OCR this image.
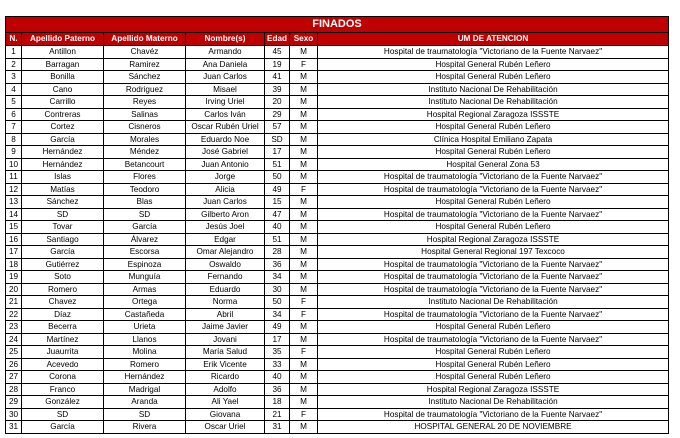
FINADOS						
N.	Apellido Paterno	Apellido Materno	Nombre(s)	Edad	Sexo	UM DE ATENCION
1	Antillon	Chavéz	Armando	45	M	Hospital de traumatología "Victoriano de la Fuente Narvaez"
2	Barragan	Ramirez	Ana Daniela	19	F	Hospital General Rubén Leñero
3	Bonilla	Sánchez	Juan Carlos	41	M	Hospital General Rubén Leñero
4	Cano	Rodriguez	Misael	39	M	Instituto Nacional De Rehabilitación
5	Carrillo	Reyes	Irving Uriel	20	M	Instituto Nacional De Rehabilitación
6	Contreras	Salinas	Carlos Iván	29	M	Hospital Regional Zaragoza ISSSTE
7	Cortez	Cisneros	Oscar Rubén Uriel	57	M	Hospital General Rubén Leñero
8	García	Morales	Eduardo Noe	SD	M	Clínica Hospital Emiliano Zapata
9	Hernández	Méndez	José Gabriel	17	M	Hospital General Rubén Leñero
10	Hernández	Betancourt	Juan Antonio	51	M	Hospital General Zona 53
11	Islas	Flores	Jorge	50	M	Hospital de traumatología "Victoriano de la Fuente Narvaez"
12	Matías	Teodoro	Alicia	49	F	Hospital de traumatología "Victoriano de la Fuente Narvaez"
13	Sánchez	Blas	Juan Carlos	15	M	Hospital General Rubén Leñero
14	SD	SD	Gilberto Aron	47	M	Hospital de traumatología "Victoriano de la Fuente Narvaez"
15	Tovar	García	Jesús Joel	40	M	Hospital General Rubén Leñero
16	Santiago	Álvarez	Edgar	51	M	Hospital Regional Zaragoza ISSSTE
17	García	Escorsa	Omar Alejandro	28	M	Hospital General Regional 197 Texcoco
18	Gutiérrez	Espinoza	Oswaldo	36	M	Hospital de traumatología "Victoriano de la Fuente Narvaez"
19	Soto	Munguía	Fernando	34	M	Hospital de traumatología "Victoriano de la Fuente Narvaez"
20	Romero	Armas	Eduardo	30	M	Hospital de traumatología "Victoriano de la Fuente Narvaez"
21	Chavez	Ortega	Norma	50	F	Instituto Nacional De Rehabilitación
22	Díaz	Castañeda	Abril	34	F	Hospital de traumatología "Victoriano de la Fuente Narvaez"
23	Becerra	Urieta	Jaime Javier	49	M	Hospital General Rubén Leñero
24	Martínez	Llanos	Jovani	17	M	Hospital de traumatología "Victoriano de la Fuente Narvaez"
25	Juaurrita	Molina	María Salud	35	F	Hospital General Rubén Leñero
26	Acevedo	Romero	Erik Vicente	33	M	Hospital General Rubén Leñero
27	Corona	Hernández	Ricardo	40	M	Hospital General Rubén Leñero
28	Franco	Madrigal	Adolfo	36	M	Hospital Regional Zaragoza ISSSTE
29	González	Aranda	Ali Yael	18	M	Instituto Nacional De Rehabilitación
30	SD	SD	Giovana	21	F	Hospital de traumatología "Victoriano de la Fuente Narvaez"
31	García	Rivera	Oscar Uriel	31	M	HOSPITAL GENERAL 20 DE NOVIEMBRE
